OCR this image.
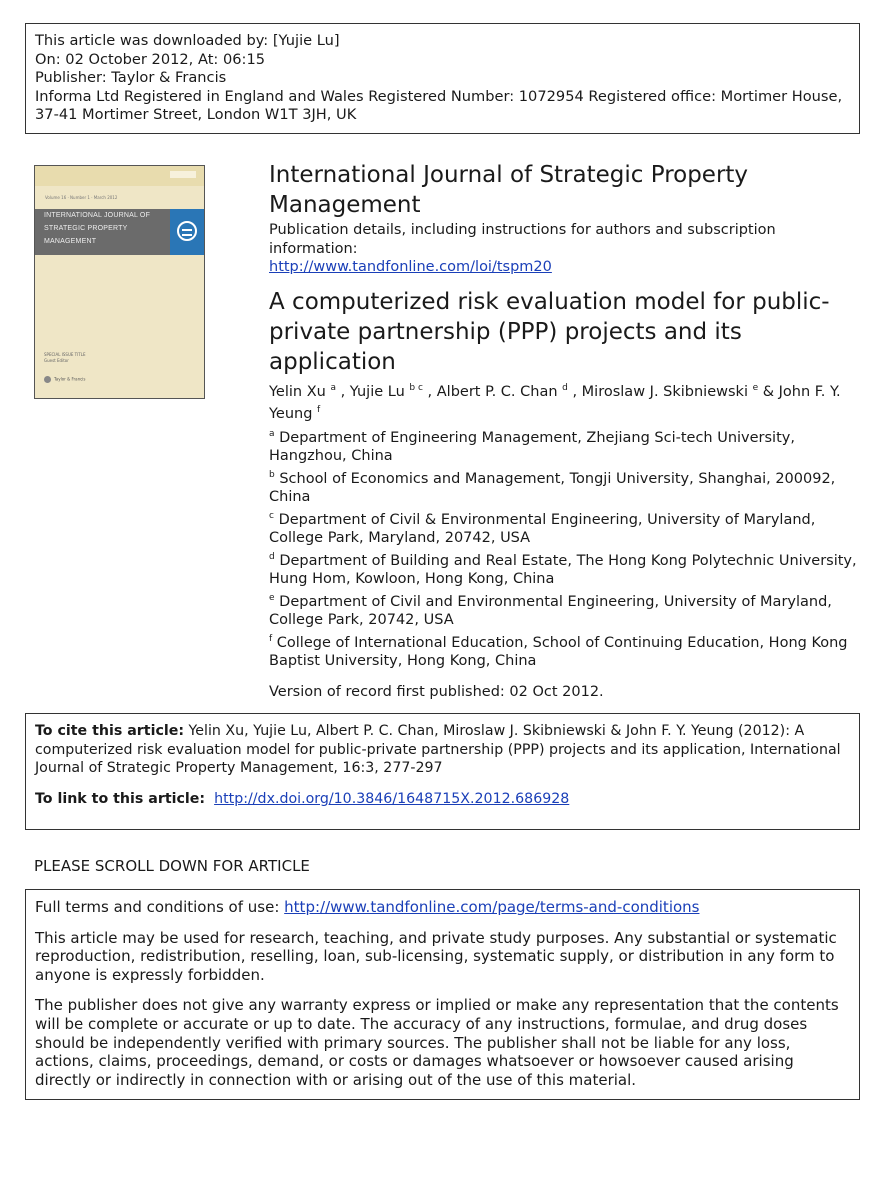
This article was downloaded by: [Yujie Lu]
On: 02 October 2012, At: 06:15
Publisher: Taylor & Francis
Informa Ltd Registered in England and Wales Registered Number: 1072954 Registered office: Mortimer House, 37-41 Mortimer Street, London W1T 3JH, UK
Volume 16 · Number 1 · March 2012
INTERNATIONAL JOURNAL OF
STRATEGIC PROPERTY
MANAGEMENT
SPECIAL ISSUE TITLE
Guest Editor
Taylor & Francis
International Journal of Strategic Property Management
Publication details, including instructions for authors and subscription information:
http://www.tandfonline.com/loi/tspm20
A computerized risk evaluation model for public-private partnership (PPP) projects and its application
Yelin Xu $^a$ , Yujie Lu $^{b c}$ , Albert P. C. Chan $^d$ , Miroslaw J. Skibniewski $^e$ & John F. Y. Yeung $^f$
$^a$ Department of Engineering Management, Zhejiang Sci-tech University, Hangzhou, China
$^b$ School of Economics and Management, Tongji University, Shanghai, 200092, China
$^c$ Department of Civil & Environmental Engineering, University of Maryland, College Park, Maryland, 20742, USA
$^d$ Department of Building and Real Estate, The Hong Kong Polytechnic University, Hung Hom, Kowloon, Hong Kong, China
$^e$ Department of Civil and Environmental Engineering, University of Maryland, College Park, 20742, USA
$^f$ College of International Education, School of Continuing Education, Hong Kong Baptist University, Hong Kong, China
Version of record first published: 02 Oct 2012.
To cite this article: Yelin Xu, Yujie Lu, Albert P. C. Chan, Miroslaw J. Skibniewski & John F. Y. Yeung (2012): A computerized risk evaluation model for public-private partnership (PPP) projects and its application, International Journal of Strategic Property Management, 16:3, 277-297
To link to this article: http://dx.doi.org/10.3846/1648715X.2012.686928
PLEASE SCROLL DOWN FOR ARTICLE

Full terms and conditions of use: http://www.tandfonline.com/page/terms-and-conditions

This article may be used for research, teaching, and private study purposes. Any substantial or systematic reproduction, redistribution, reselling, loan, sub-licensing, systematic supply, or distribution in any form to anyone is expressly forbidden.

The publisher does not give any warranty express or implied or make any representation that the contents will be complete or accurate or up to date. The accuracy of any instructions, formulae, and drug doses should be independently verified with primary sources. The publisher shall not be liable for any loss, actions, claims, proceedings, demand, or costs or damages whatsoever or howsoever caused arising directly or indirectly in connection with or arising out of the use of this material.
